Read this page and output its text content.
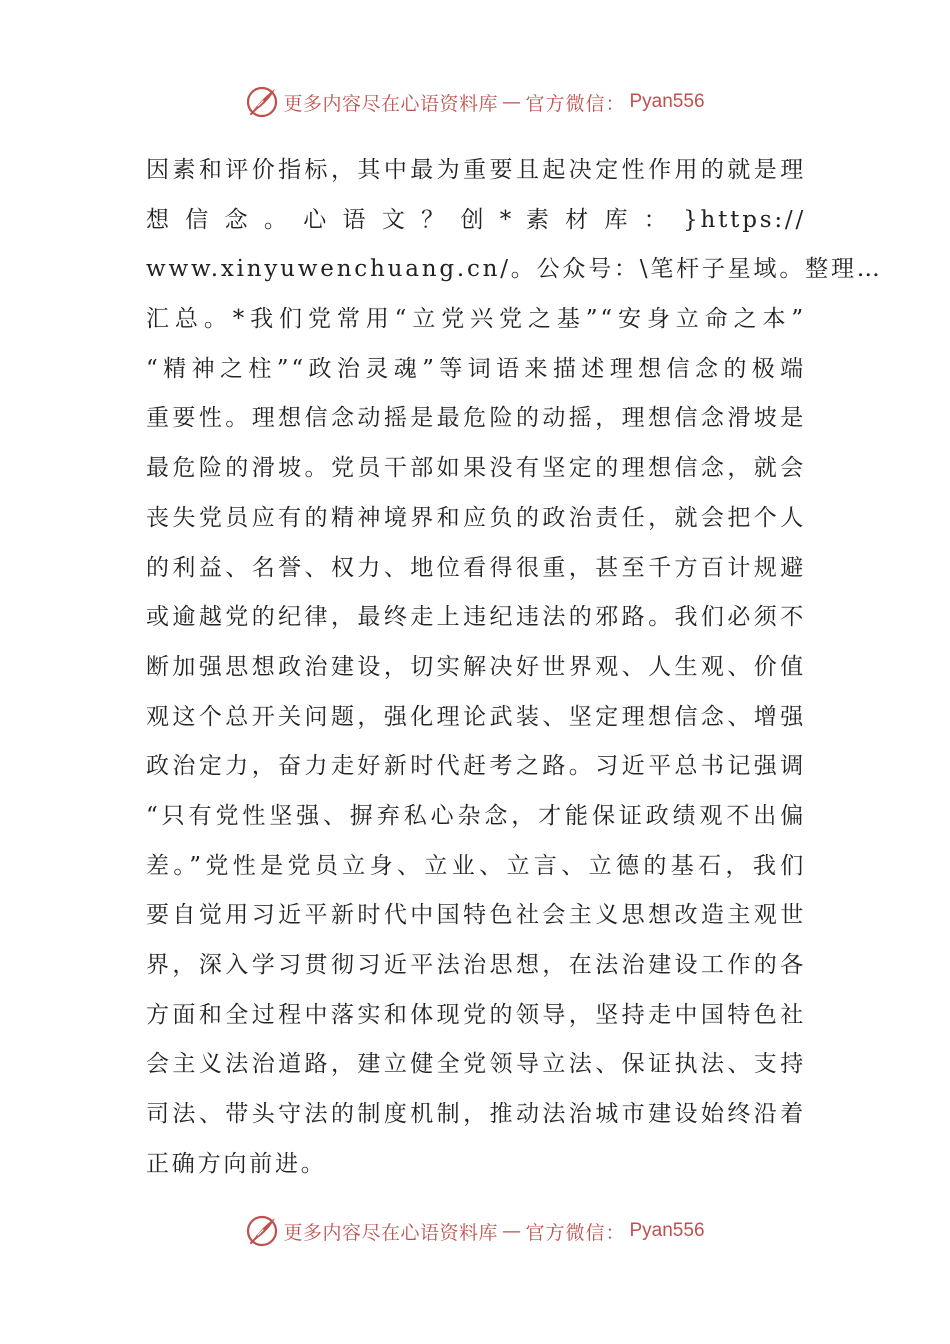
更多内容尽在心语资料库 — 官方微信： Pyan556
因素和评价指标，其中最为重要且起决定性作用的就是理
想 信 念 。 心 语 文 ？ 创 * 素 材 库 ： }https://
www.xinyuwenchuang.cn/。公众号：\笔杆子星域。整理…
汇总。*我们党常用“立党兴党之基”“安身立命之本”
“精神之柱”“政治灵魂”等词语来描述理想信念的极端
重要性。理想信念动摇是最危险的动摇，理想信念滑坡是
最危险的滑坡。党员干部如果没有坚定的理想信念，就会
丧失党员应有的精神境界和应负的政治责任，就会把个人
的利益、名誉、权力、地位看得很重，甚至千方百计规避
或逾越党的纪律，最终走上违纪违法的邪路。我们必须不
断加强思想政治建设，切实解决好世界观、人生观、价值
观这个总开关问题，强化理论武装、坚定理想信念、增强
政治定力，奋力走好新时代赶考之路。习近平总书记强调
“只有党性坚强、摒弃私心杂念，才能保证政绩观不出偏
差。”党性是党员立身、立业、立言、立德的基石，我们
要自觉用习近平新时代中国特色社会主义思想改造主观世
界，深入学习贯彻习近平法治思想，在法治建设工作的各
方面和全过程中落实和体现党的领导，坚持走中国特色社
会主义法治道路，建立健全党领导立法、保证执法、支持
司法、带头守法的制度机制，推动法治城市建设始终沿着
正确方向前进。
更多内容尽在心语资料库 — 官方微信： Pyan556
